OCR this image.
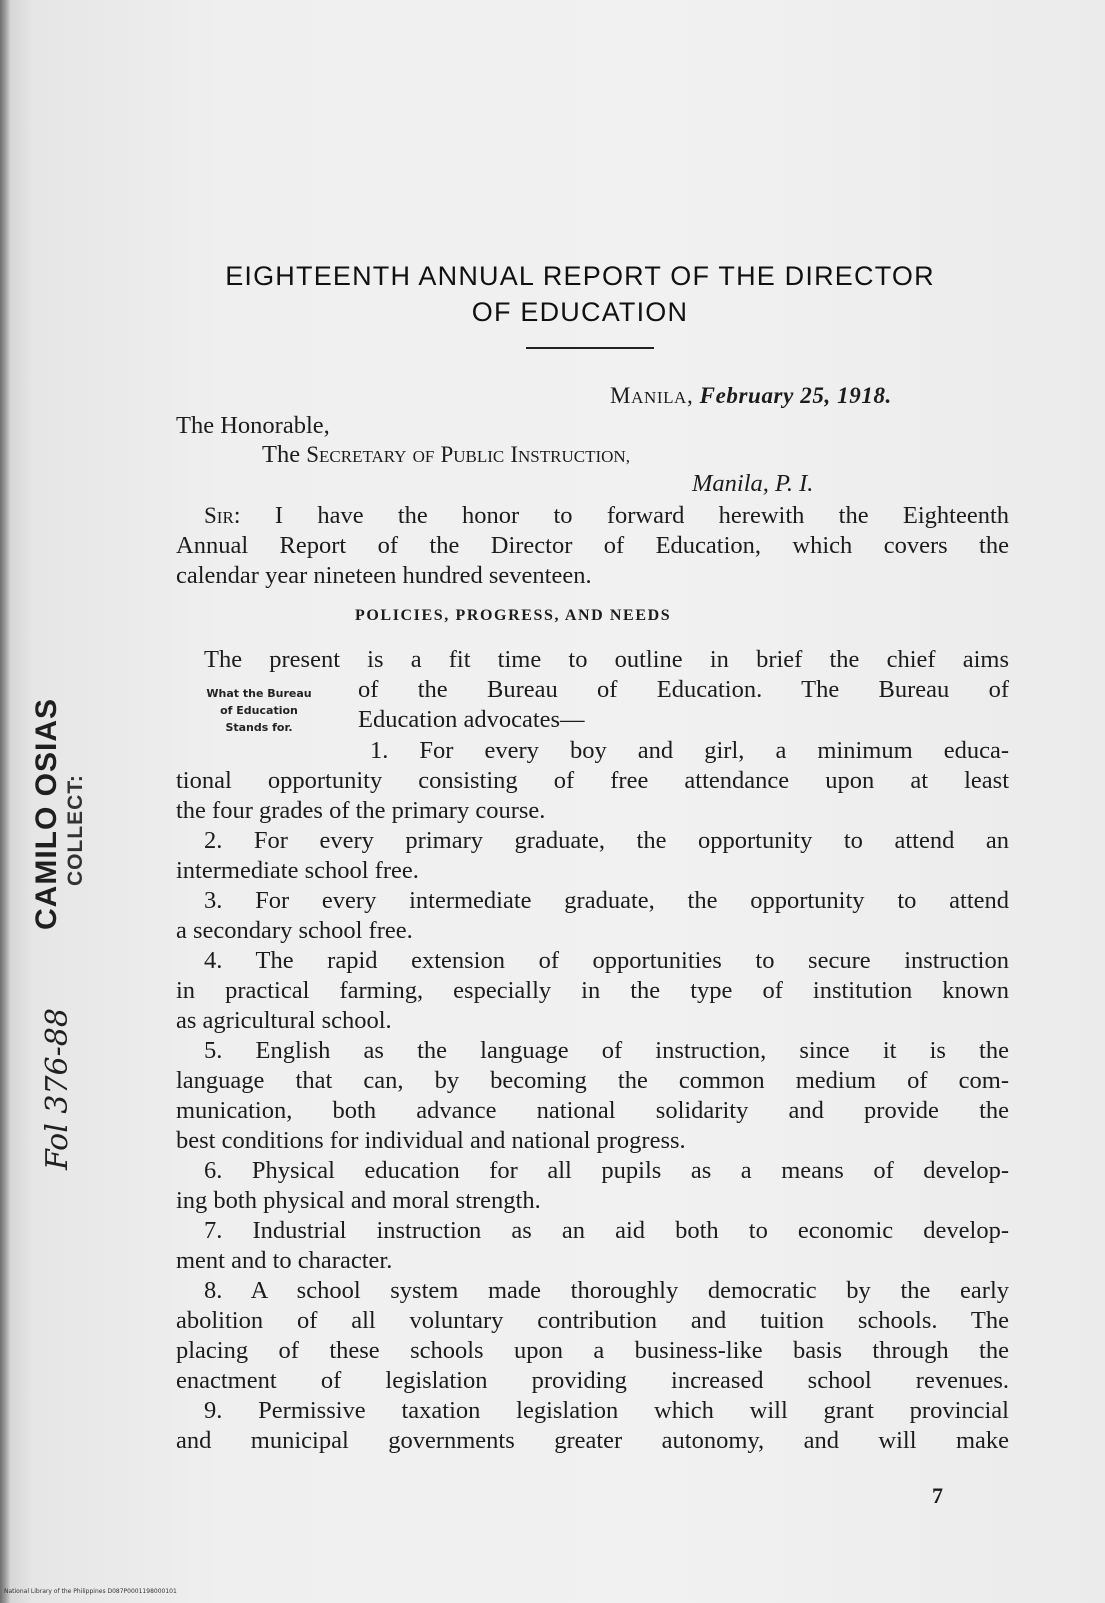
EIGHTEENTH ANNUAL REPORT OF THE DIRECTOR
OF EDUCATION
MANILA, February 25, 1918.
The Honorable,
The SECRETARY OF PUBLIC INSTRUCTION,
Manila, P. I.
SIR: I have the honor to forward herewith the Eighteenth
Annual Report of the Director of Education, which covers the
calendar year nineteen hundred seventeen.
POLICIES, PROGRESS, AND NEEDS
What the Bureau
of Education
Stands for.
The present is a fit time to outline in brief the chief aims
of the Bureau of Education. The Bureau of
Education advocates—
1. For every boy and girl, a minimum educa-
tional opportunity consisting of free attendance upon at least
the four grades of the primary course.
2. For every primary graduate, the opportunity to attend an
intermediate school free.
3. For every intermediate graduate, the opportunity to attend
a secondary school free.
4. The rapid extension of opportunities to secure instruction
in practical farming, especially in the type of institution known
as agricultural school.
5. English as the language of instruction, since it is the
language that can, by becoming the common medium of com-
munication, both advance national solidarity and provide the
best conditions for individual and national progress.
6. Physical education for all pupils as a means of develop-
ing both physical and moral strength.
7. Industrial instruction as an aid both to economic develop-
ment and to character.
8. A school system made thoroughly democratic by the early
abolition of all voluntary contribution and tuition schools. The
placing of these schools upon a business-like basis through the
enactment of legislation providing increased school revenues.
9. Permissive taxation legislation which will grant provincial
and municipal governments greater autonomy, and will make
7
CAMILO OSIAS COLLECT:
Fol 376-88
National Library of the Philippines D087P0001198000101
